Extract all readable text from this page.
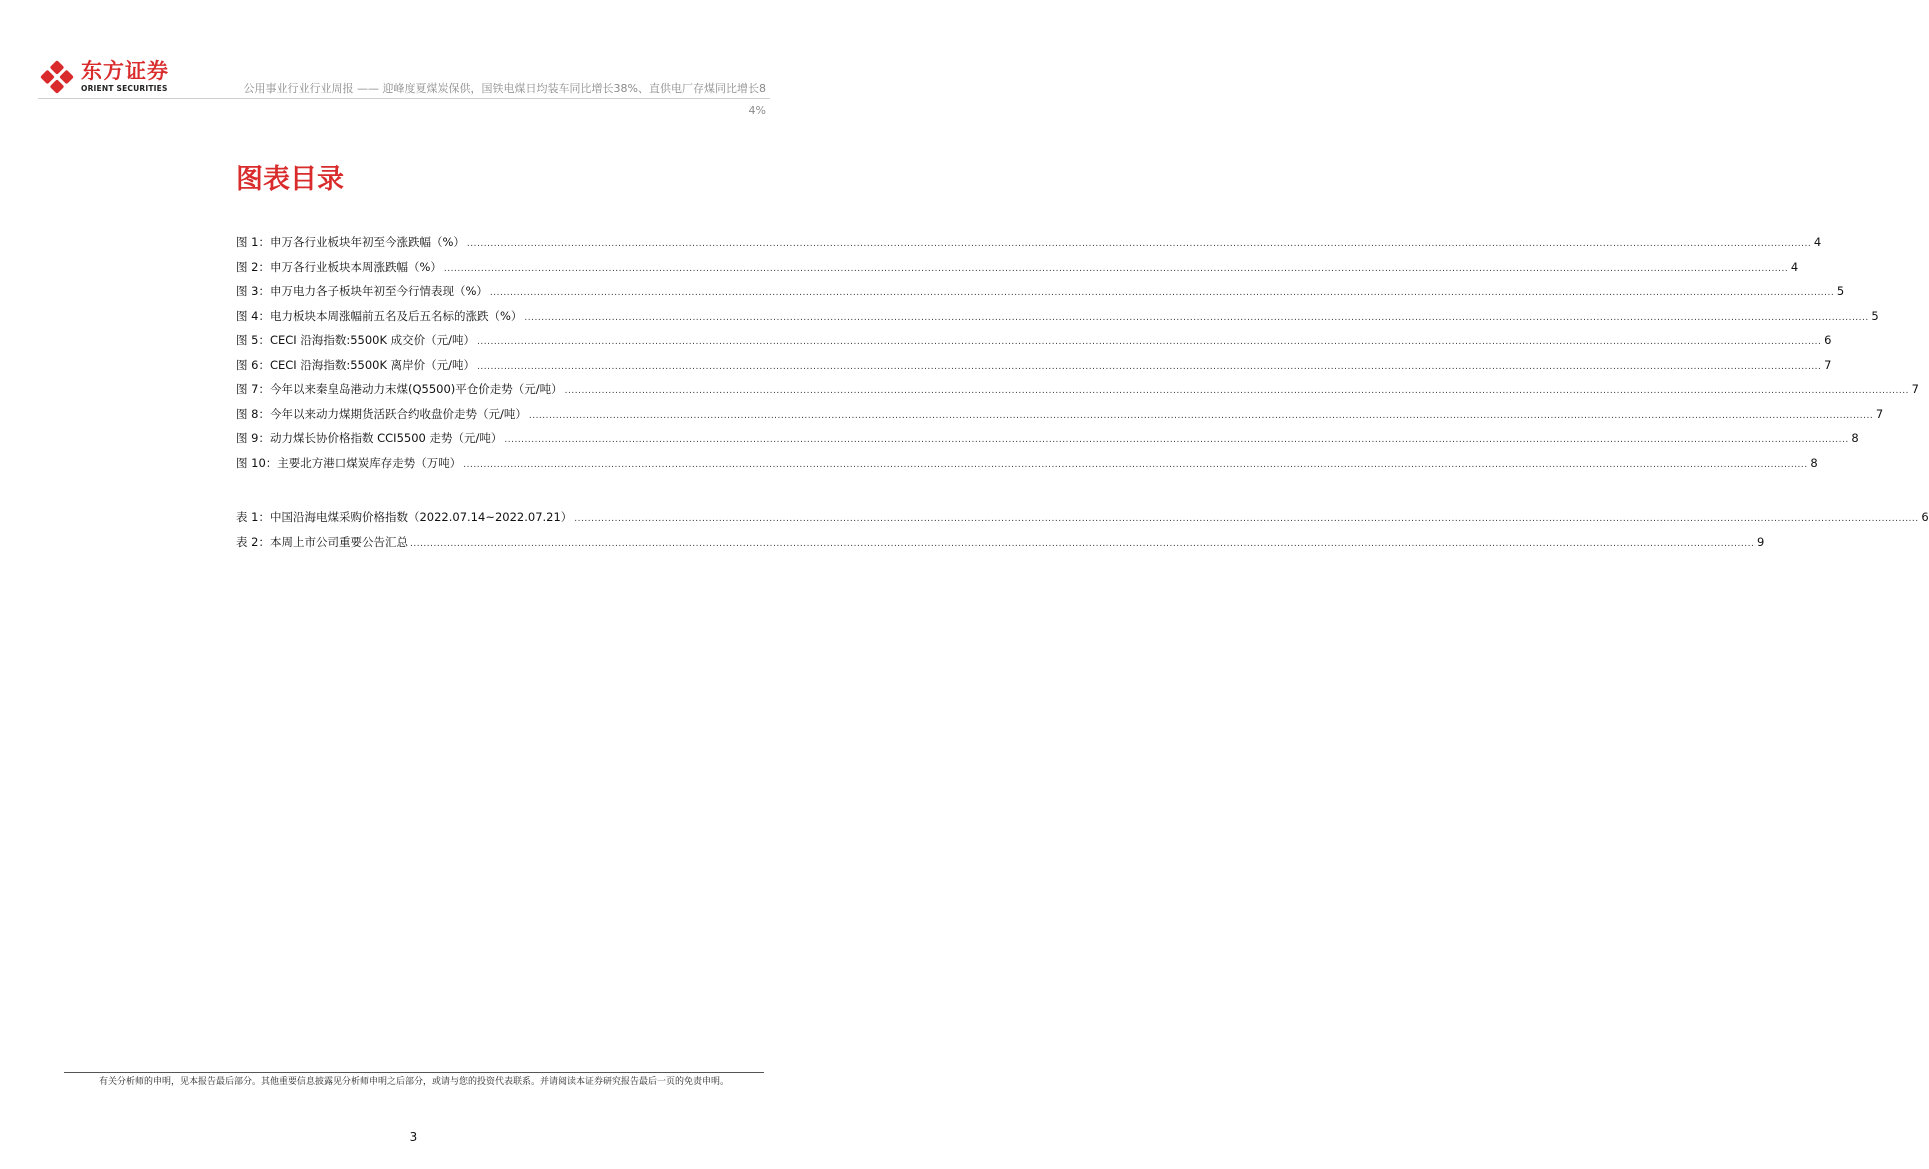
东方证券
ORIENT SECURITIES	公用事业行业行业周报 —— 迎峰度夏煤炭保供，国铁电煤日均装车同比增长38%、直供电厂存煤同比增长8
4%
图表目录
图 1：申万各行业板块年初至今涨跌幅（%） ................................................................................................................................................................................................................................................................................................................................................................................................................ 4
图 2：申万各行业板块本周涨跌幅（%） ................................................................................................................................................................................................................................................................................................................................................................................................................ 4
图 3：申万电力各子板块年初至今行情表现（%） ................................................................................................................................................................................................................................................................................................................................................................................................................ 5
图 4：电力板块本周涨幅前五名及后五名标的涨跌（%） ................................................................................................................................................................................................................................................................................................................................................................................................................ 5
图 5：CECI 沿海指数:5500K 成交价（元/吨） ................................................................................................................................................................................................................................................................................................................................................................................................................ 6
图 6：CECI 沿海指数:5500K 离岸价（元/吨） ................................................................................................................................................................................................................................................................................................................................................................................................................ 7
图 7：今年以来秦皇岛港动力末煤(Q5500)平仓价走势（元/吨） ................................................................................................................................................................................................................................................................................................................................................................................................................ 7
图 8：今年以来动力煤期货活跃合约收盘价走势（元/吨） ................................................................................................................................................................................................................................................................................................................................................................................................................ 7
图 9：动力煤长协价格指数 CCI5500 走势（元/吨） ................................................................................................................................................................................................................................................................................................................................................................................................................ 8
图 10：主要北方港口煤炭库存走势（万吨） ................................................................................................................................................................................................................................................................................................................................................................................................................ 8
表 1：中国沿海电煤采购价格指数（2022.07.14~2022.07.21） ................................................................................................................................................................................................................................................................................................................................................................................................................ 6
表 2：本周上市公司重要公告汇总 ................................................................................................................................................................................................................................................................................................................................................................................................................ 9
有关分析师的申明，见本报告最后部分。其他重要信息披露见分析师申明之后部分，或请与您的投资代表联系。并请阅读本证券研究报告最后一页的免责申明。
3
